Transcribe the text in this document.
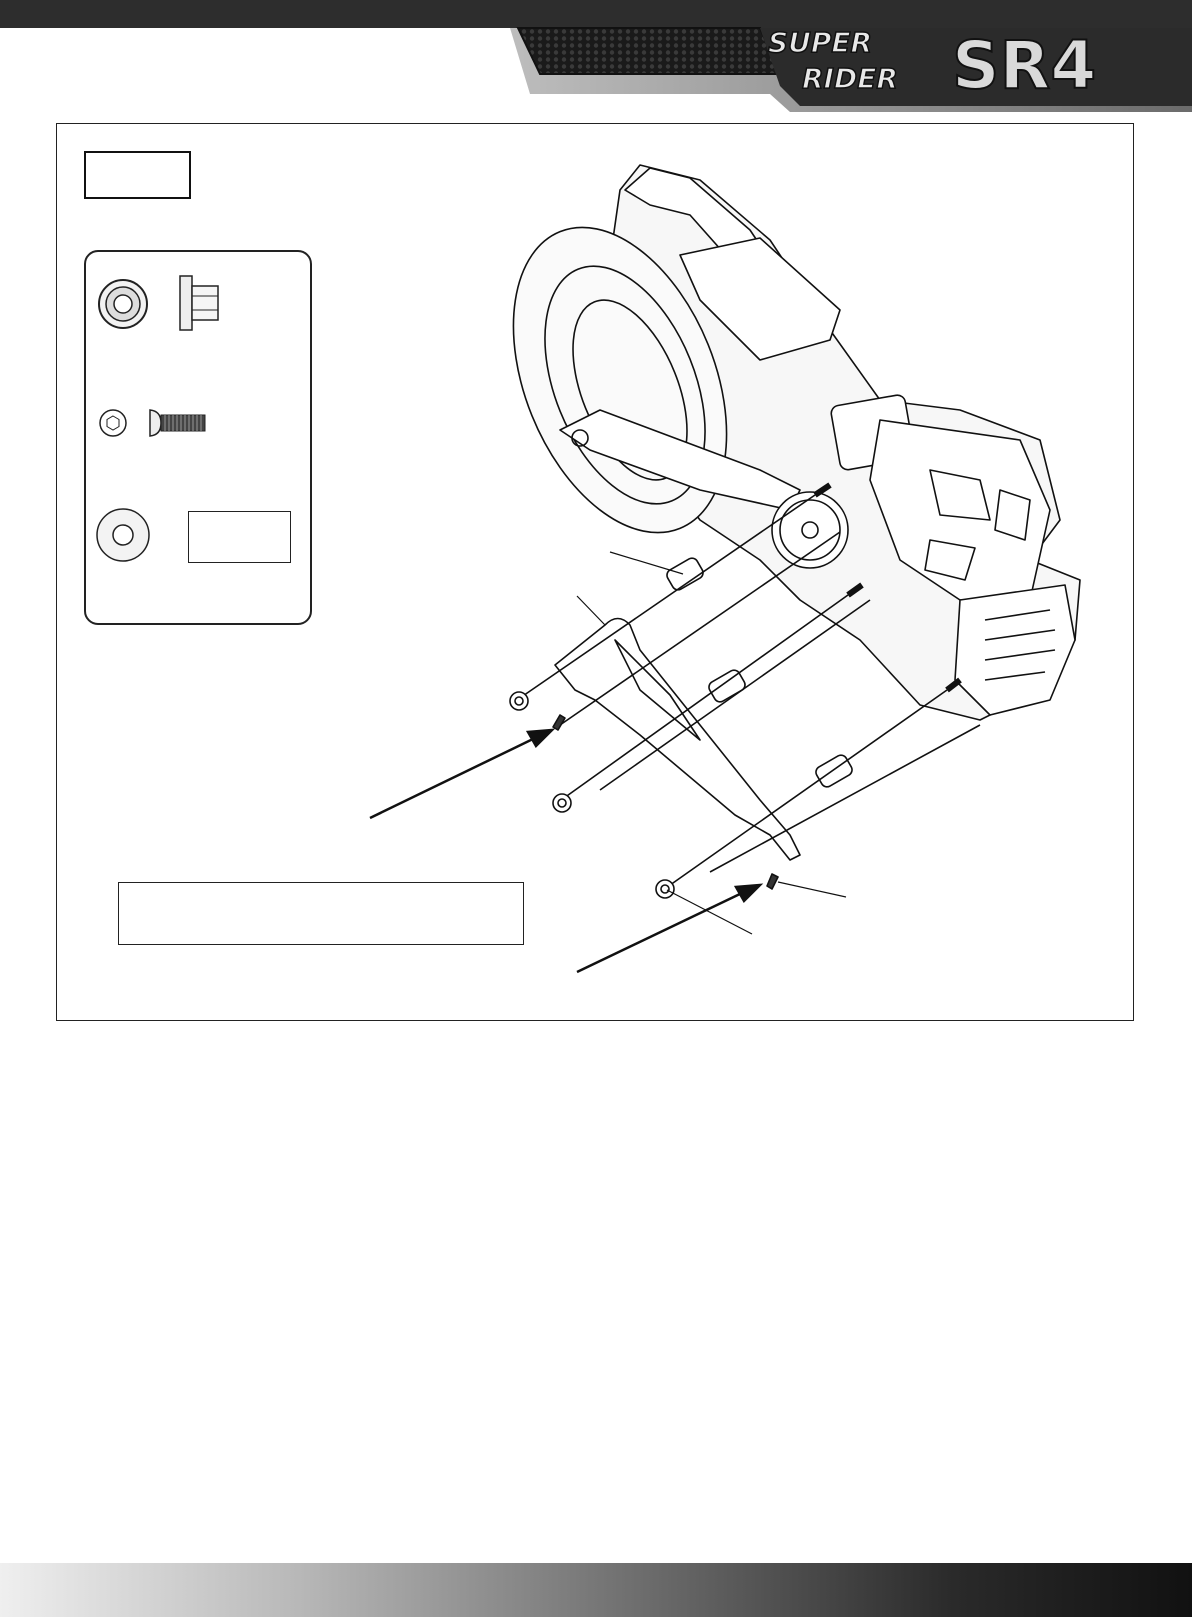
SUPER
RIDER SR4
